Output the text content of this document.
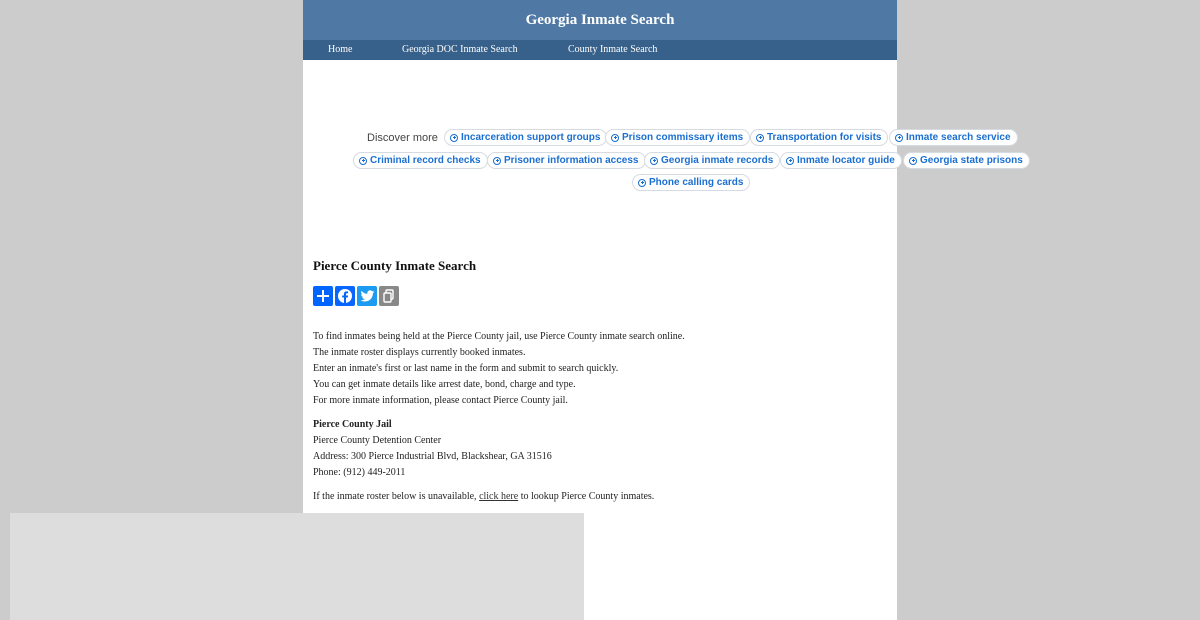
Georgia Inmate Search
Home	Georgia DOC Inmate Search	County Inmate Search
Pierce County Inmate Search

To find inmates being held at the Pierce County jail, use Pierce County inmate search online.

The inmate roster displays currently booked inmates.

Enter an inmate's first or last name in the form and submit to search quickly.

You can get inmate details like arrest date, bond, charge and type.

For more inmate information, please contact Pierce County jail.

Pierce County Jail

Pierce County Detention Center

Address: 300 Pierce Industrial Blvd, Blackshear, GA 31516

Phone: (912) 449-2011

If the inmate roster below is unavailable, click here to lookup Pierce County inmates.
Discover more Incarceration support groups Prison commissary items Transportation for visits Inmate search service
Criminal record checks Prisoner information access Georgia inmate records Inmate locator guide	Georgia state prisons
Phone calling cards
